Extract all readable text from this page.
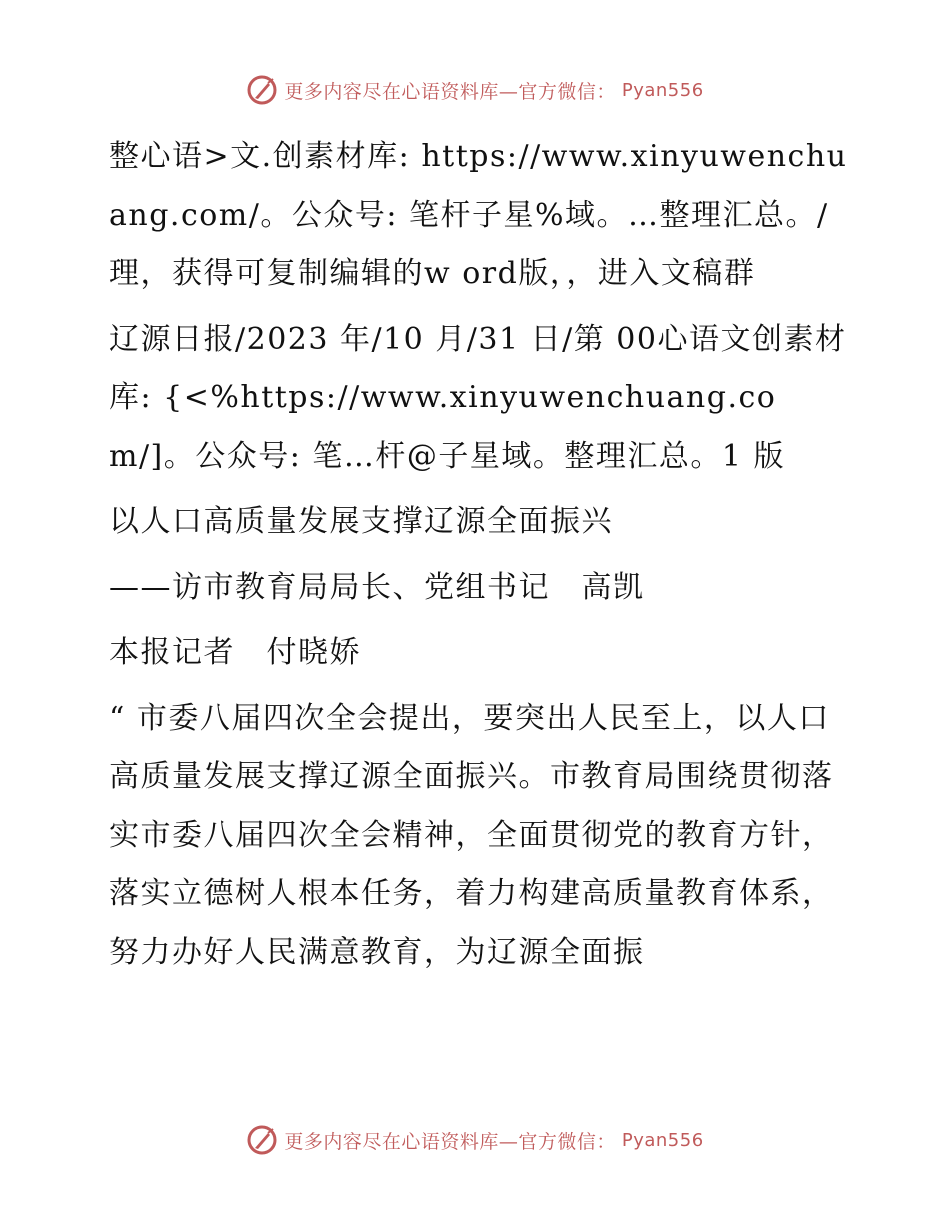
更多内容尽在心语资料库—官方微信： Pyan556

整心语>文.创素材库: https://www.xinyuwenchuang.com/。公众号: 笔杆子星%域。…整理汇总。/理，获得可复制编辑的w ord版，，进入文稿群

辽源日报/2023 年/10 月/31 日/第 00心语文创素材库: {<%https://www.xinyuwenchuang.com/]。公众号: 笔…杆@子星域。整理汇总。1 版

以人口高质量发展支撑辽源全面振兴

——访市教育局局长、党组书记　高凯

本报记者　付晓娇

“ 市委八届四次全会提出，要突出人民至上，以人口高质量发展支撑辽源全面振兴。市教育局围绕贯彻落实市委八届四次全会精神，全面贯彻党的教育方针，落实立德树人根本任务，着力构建高质量教育体系，努力办好人民满意教育，为辽源全面振

更多内容尽在心语资料库—官方微信： Pyan556
